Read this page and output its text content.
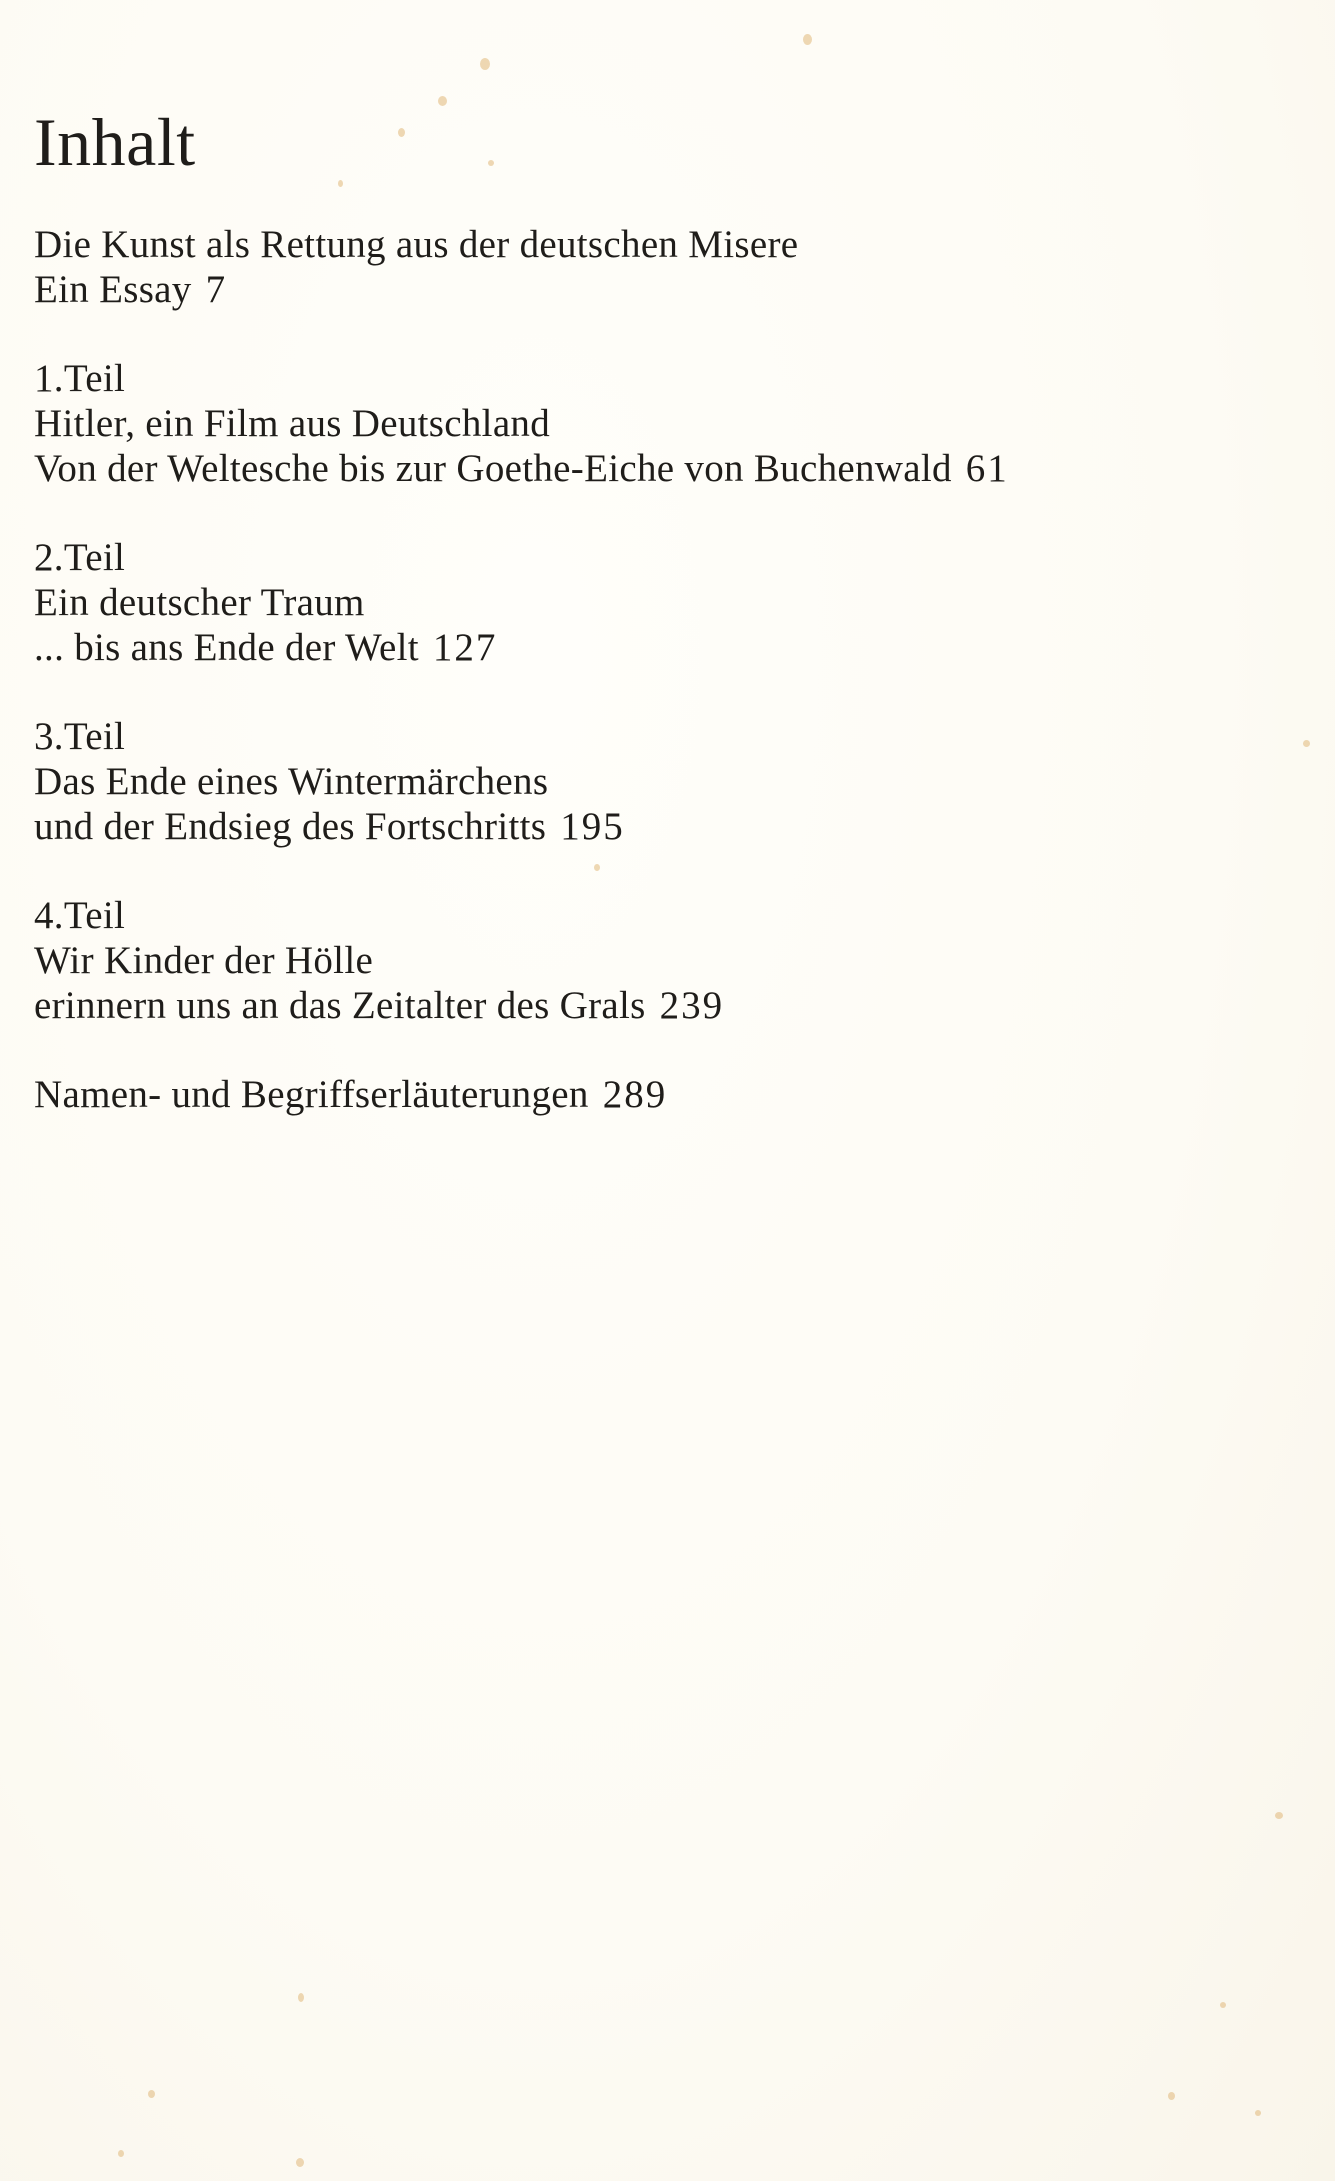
Inhalt
Die Kunst als Rettung aus der deutschen Misere
Ein Essay 7
1.Teil
Hitler, ein Film aus Deutschland
Von der Weltesche bis zur Goethe-Eiche von Buchenwald 61
2.Teil
Ein deutscher Traum
... bis ans Ende der Welt 127
3.Teil
Das Ende eines Wintermärchens
und der Endsieg des Fortschritts 195
4.Teil
Wir Kinder der Hölle
erinnern uns an das Zeitalter des Grals 239
Namen- und Begriffserläuterungen 289
